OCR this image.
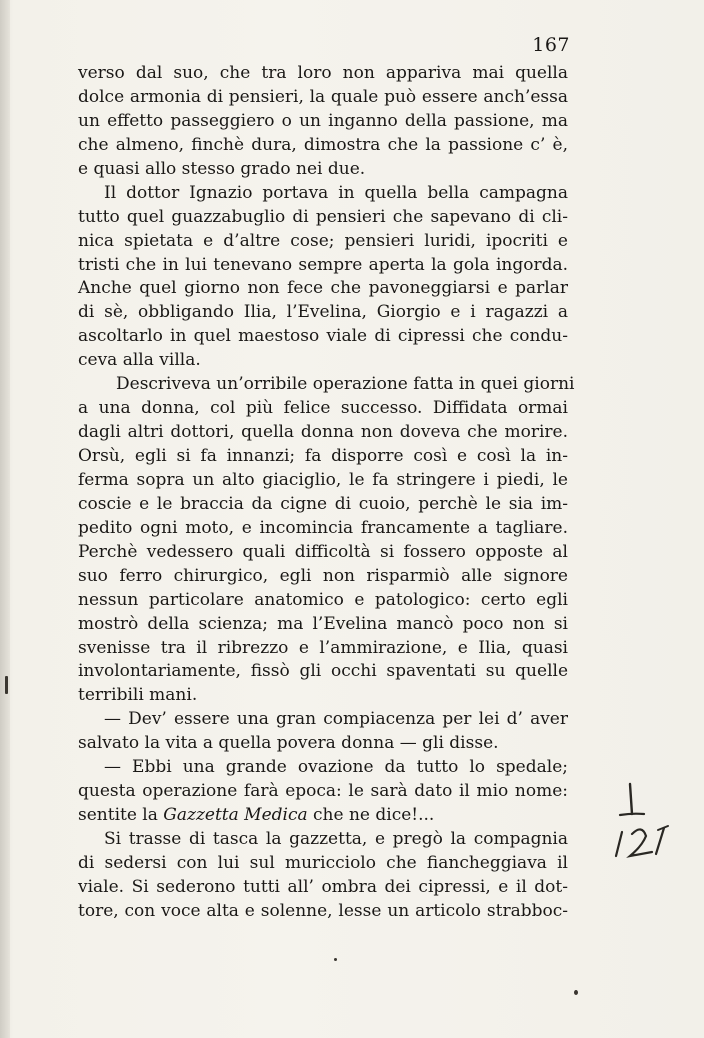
167
verso dal suo, che tra loro non appariva mai quella
dolce armonia di pensieri, la quale può essere anch’essa
un effetto passeggiero o un inganno della passione, ma
che almeno, finchè dura, dimostra che la passione c’ è,
e quasi allo stesso grado nei due.
Il dottor Ignazio portava in quella bella campagna
tutto quel guazzabuglio di pensieri che sapevano di cli-
nica spietata e d’altre cose; pensieri luridi, ipocriti e
tristi che in lui tenevano sempre aperta la gola ingorda.
Anche quel giorno non fece che pavoneggiarsi e parlar
di sè, obbligando Ilia, l’Evelina, Giorgio e i ragazzi a
ascoltarlo in quel maestoso viale di cipressi che condu-
ceva alla villa.
Descriveva un’orribile operazione fatta in quei giorni
a una donna, col più felice successo. Diffidata ormai
dagli altri dottori, quella donna non doveva che morire.
Orsù, egli si fa innanzi; fa disporre così e così la in-
ferma sopra un alto giaciglio, le fa stringere i piedi, le
coscie e le braccia da cigne di cuoio, perchè le sia im-
pedito ogni moto, e incomincia francamente a tagliare.
Perchè vedessero quali difficoltà si fossero opposte al
suo ferro chirurgico, egli non risparmiò alle signore
nessun particolare anatomico e patologico: certo egli
mostrò della scienza; ma l’Evelina mancò poco non si
svenisse tra il ribrezzo e l’ammirazione, e Ilia, quasi
involontariamente, fissò gli occhi spaventati su quelle
terribili mani.
— Dev’ essere una gran compiacenza per lei d’ aver
salvato la vita a quella povera donna — gli disse.
— Ebbi una grande ovazione da tutto lo spedale;
questa operazione farà epoca: le sarà dato il mio nome:
sentite la Gazzetta Medica che ne dice!...
Si trasse di tasca la gazzetta, e pregò la compagnia
di sedersi con lui sul muricciolo che fiancheggiava il
viale. Si sederono tutti all’ ombra dei cipressi, e il dot-
tore, con voce alta e solenne, lesse un articolo strabboc-
